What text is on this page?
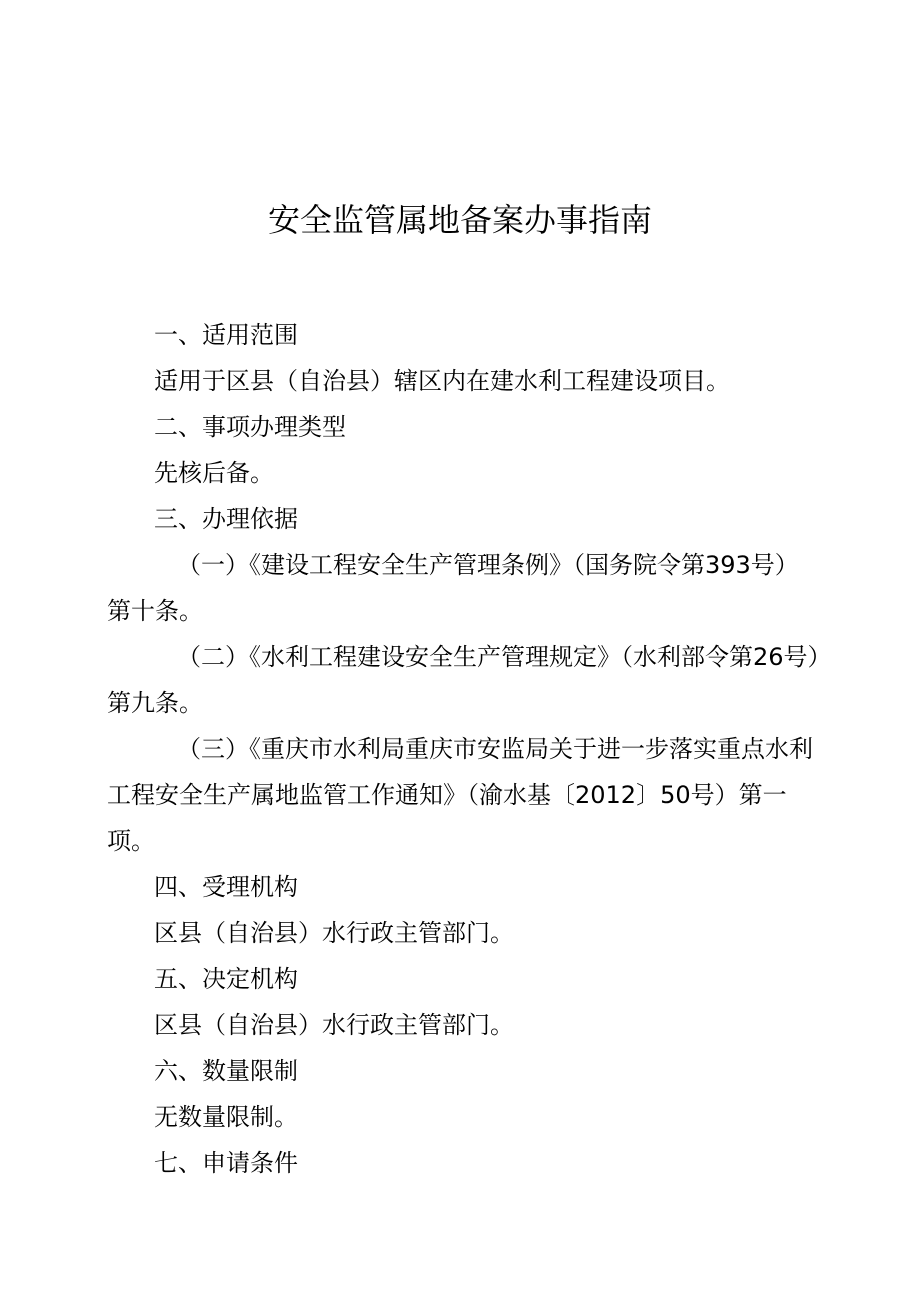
安全监管属地备案办事指南

一、适用范围

适用于区县（自治县）辖区内在建水利工程建设项目。

二、事项办理类型

先核后备。

三、办理依据

（一）《建设工程安全生产管理条例》（国务院令第393号）第十条。

（二）《水利工程建设安全生产管理规定》（水利部令第26号）第九条。

（三）《重庆市水利局重庆市安监局关于进一步落实重点水利工程安全生产属地监管工作通知》（渝水基〔2012〕50号）第一项。

四、受理机构

区县（自治县）水行政主管部门。

五、决定机构

区县（自治县）水行政主管部门。

六、数量限制

无数量限制。

七、申请条件
